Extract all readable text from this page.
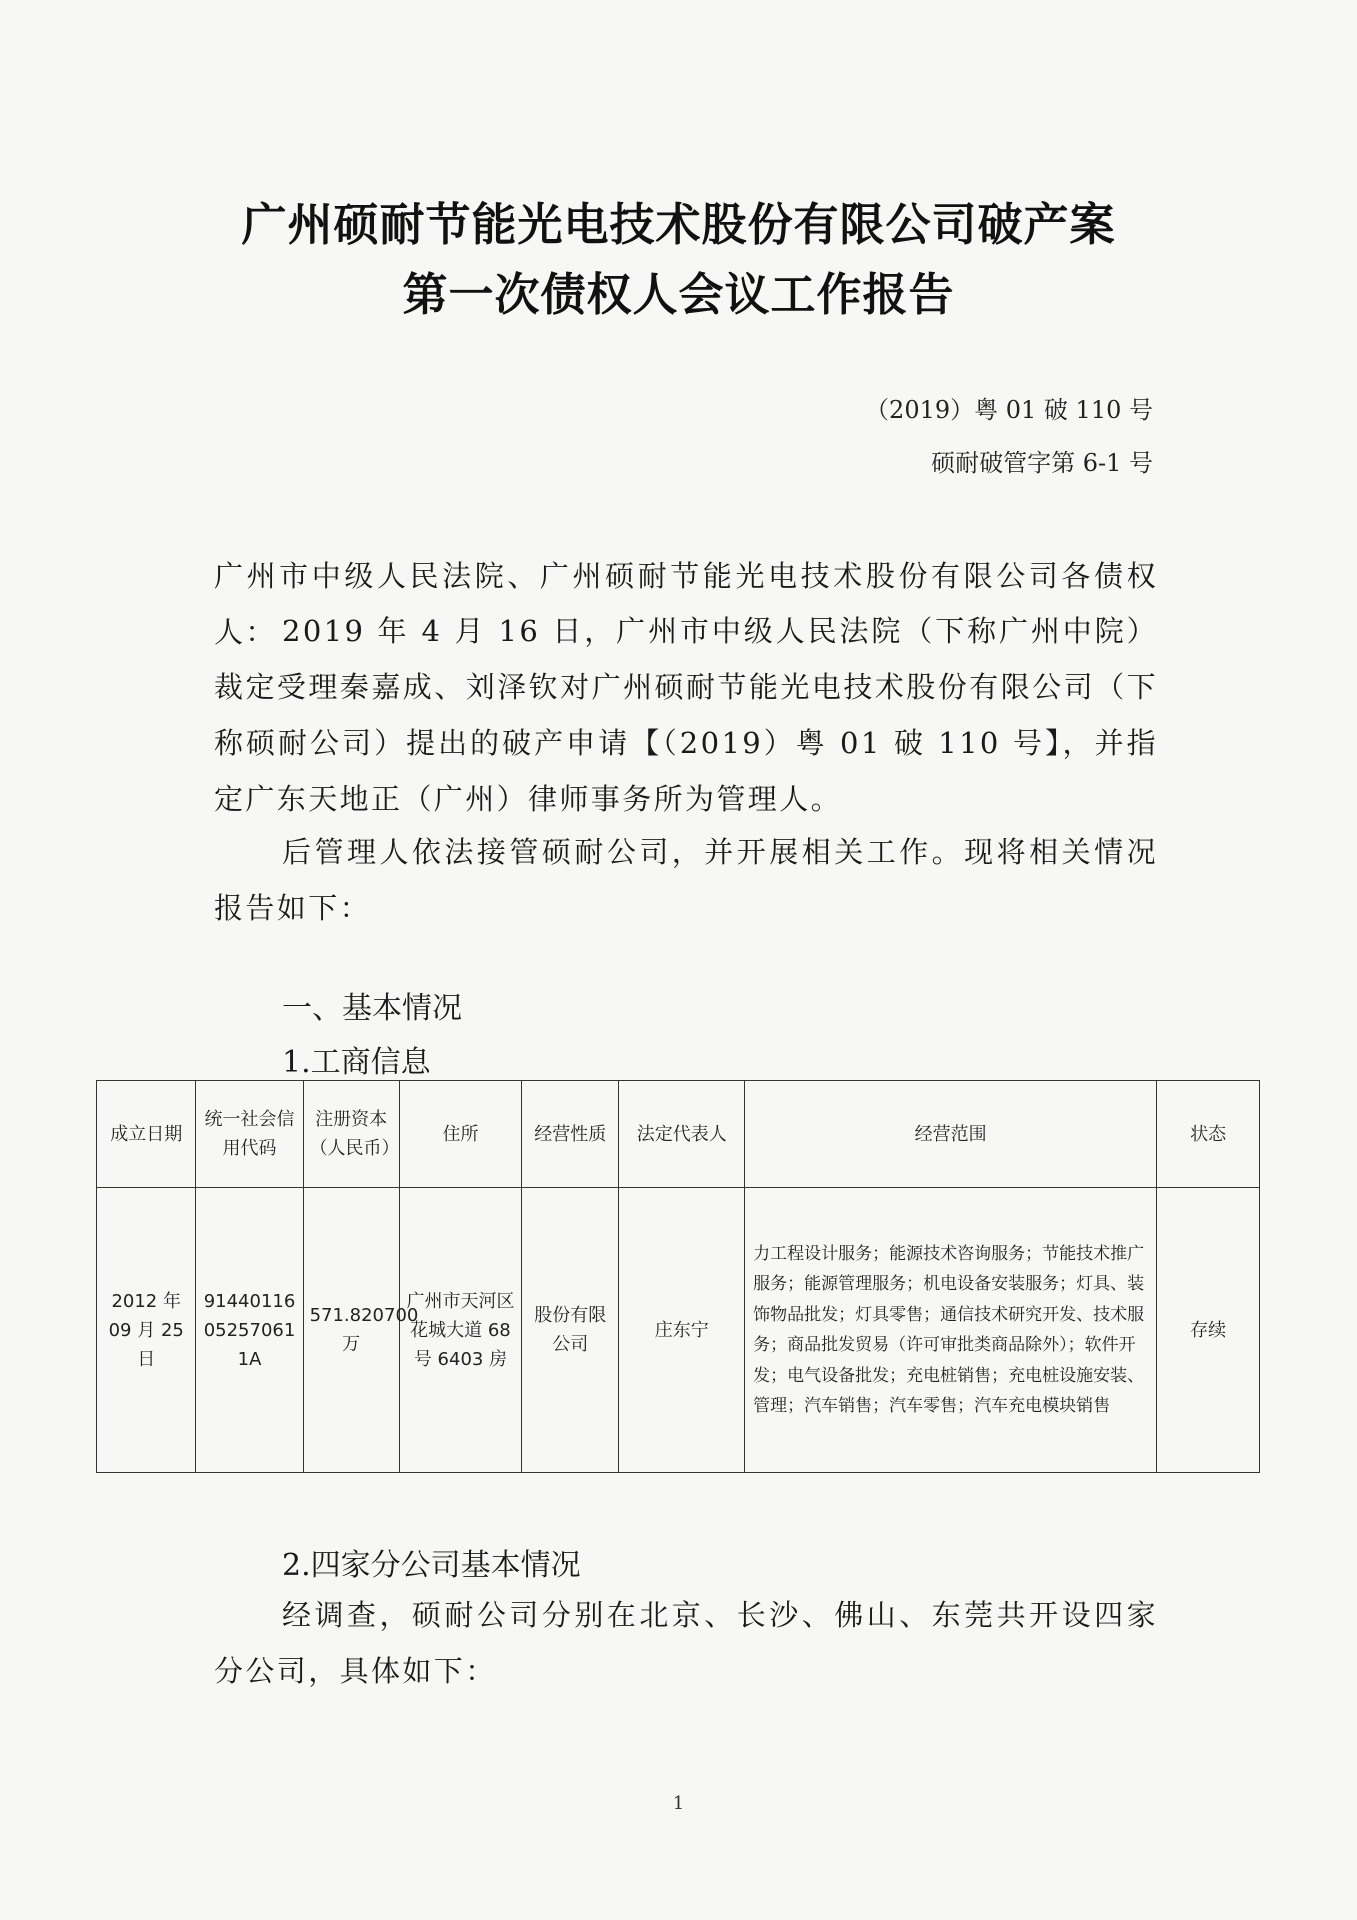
广州硕耐节能光电技术股份有限公司破产案
第一次债权人会议工作报告
（2019）粤 01 破 110 号
硕耐破管字第 6-1 号

广州市中级人民法院、广州硕耐节能光电技术股份有限公司各债权人： 2019 年 4 月 16 日，广州市中级人民法院（下称广州中院）裁定受理秦嘉成、刘泽钦对广州硕耐节能光电技术股份有限公司（下称硕耐公司）提出的破产申请【（2019）粤 01 破 110 号】，并指定广东天地正（广州）律师事务所为管理人。

后管理人依法接管硕耐公司，并开展相关工作。现将相关情况报告如下：

一、基本情况
1.工商信息
成立日期	统一社会信用代码	注册资本（人民币）	住所	经营性质	法定代表人	经营范围	状态
2012 年 09 月 25 日	91440116052570611A	571.820700 万	广州市天河区花城大道 68 号 6403 房	股份有限公司	庄东宁	力工程设计服务；能源技术咨询服务；节能技术推广服务；能源管理服务；机电设备安装服务；灯具、装饰物品批发；灯具零售；通信技术研究开发、技术服务；商品批发贸易（许可审批类商品除外）；软件开发；电气设备批发；充电桩销售；充电桩设施安装、管理；汽车销售；汽车零售；汽车充电模块销售	存续
2.四家分公司基本情况

经调查，硕耐公司分别在北京、长沙、佛山、东莞共开设四家分公司，具体如下：

1
